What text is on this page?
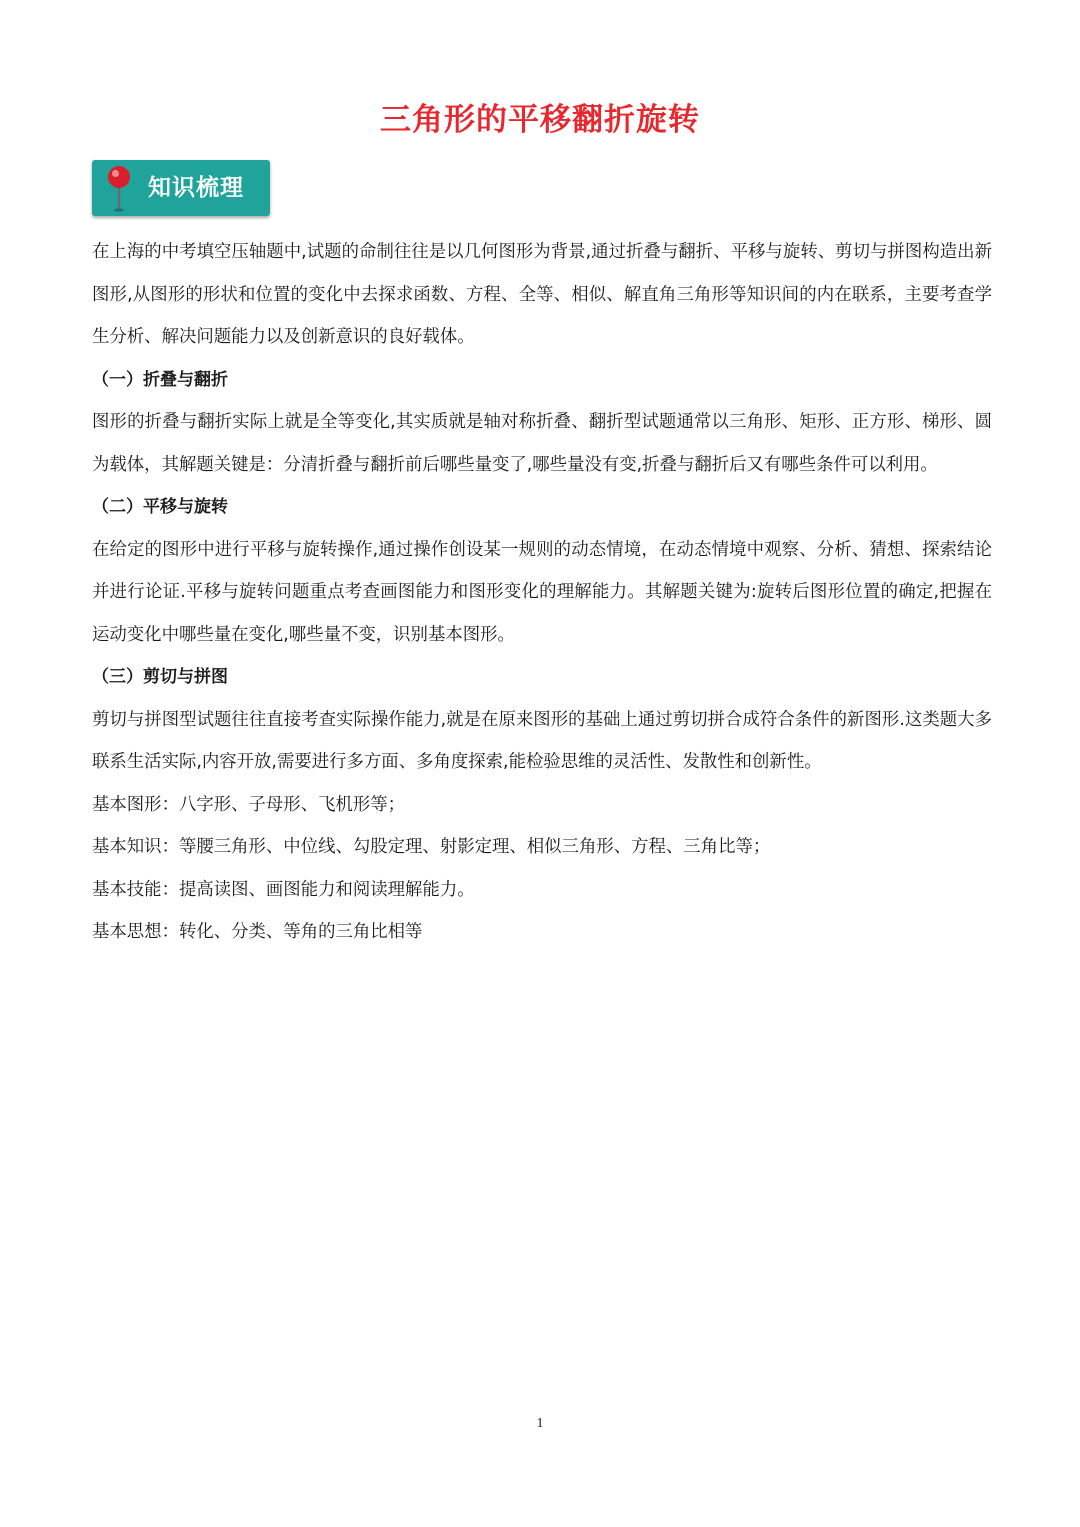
三角形的平移翻折旋转
知识梳理

在上海的中考填空压轴题中,试题的命制往往是以几何图形为背景,通过折叠与翻折、平移与旋转、剪切与拼图构造出新图形,从图形的形状和位置的变化中去探求函数、方程、全等、相似、解直角三角形等知识间的内在联系，主要考查学生分析、解决问题能力以及创新意识的良好载体。

（一）折叠与翻折

图形的折叠与翻折实际上就是全等变化,其实质就是轴对称折叠、翻折型试题通常以三角形、矩形、正方形、梯形、圆为载体，其解题关键是：分清折叠与翻折前后哪些量变了,哪些量没有变,折叠与翻折后又有哪些条件可以利用。

（二）平移与旋转

在给定的图形中进行平移与旋转操作,通过操作创设某一规则的动态情境，在动态情境中观察、分析、猜想、探索结论并进行论证.平移与旋转问题重点考查画图能力和图形变化的理解能力。其解题关键为:旋转后图形位置的确定,把握在运动变化中哪些量在变化,哪些量不变，识别基本图形。

（三）剪切与拼图

剪切与拼图型试题往往直接考查实际操作能力,就是在原来图形的基础上通过剪切拼合成符合条件的新图形.这类题大多联系生活实际,内容开放,需要进行多方面、多角度探索,能检验思维的灵活性、发散性和创新性。

基本图形：八字形、子母形、飞机形等；

基本知识：等腰三角形、中位线、勾股定理、射影定理、相似三角形、方程、三角比等；

基本技能：提高读图、画图能力和阅读理解能力。

基本思想：转化、分类、等角的三角比相等

1
